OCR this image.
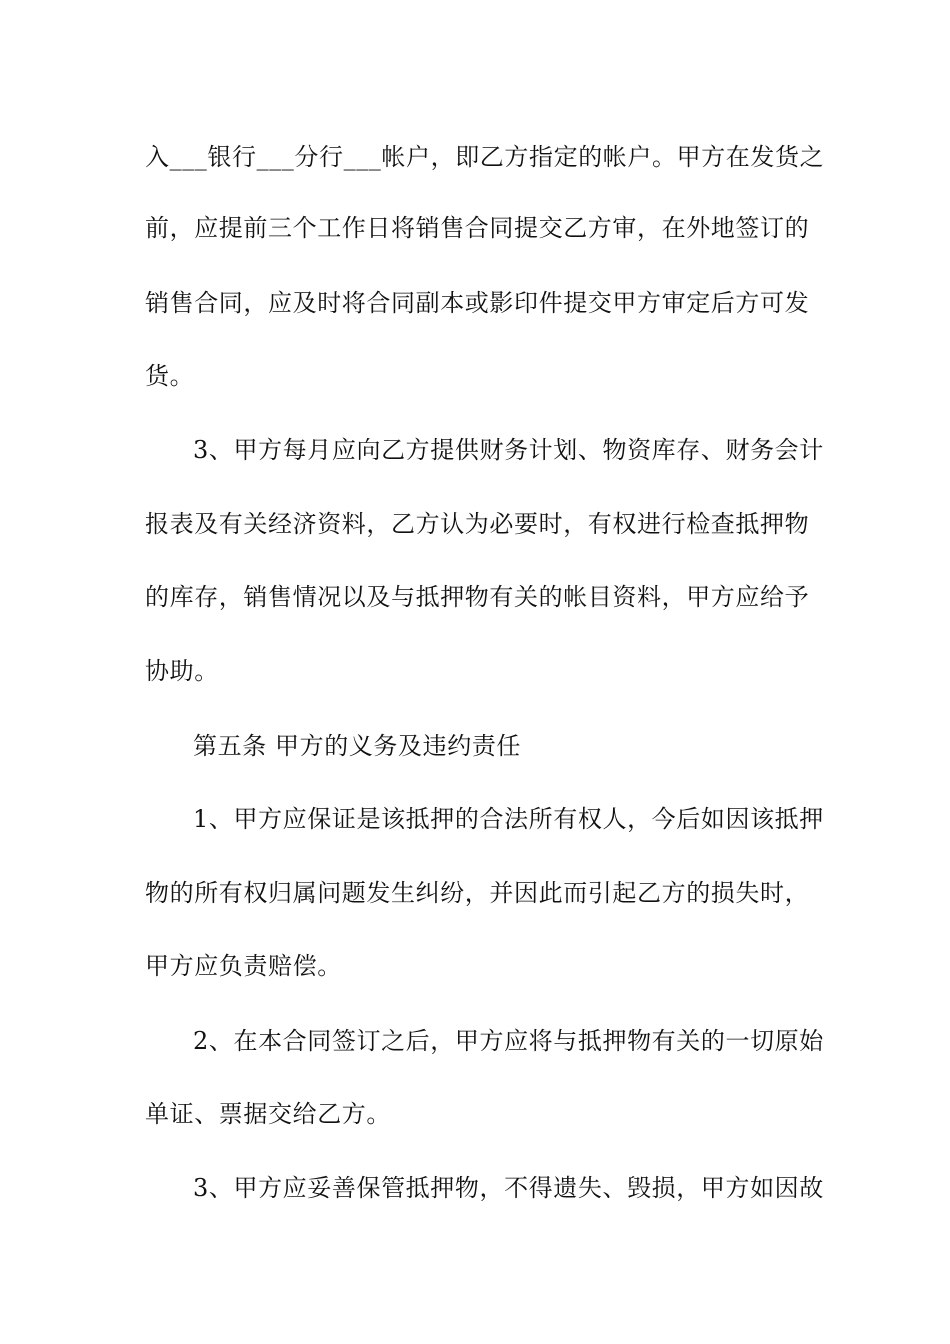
入___银行___分行___帐户，即乙方指定的帐户。甲方在发货之
前，应提前三个工作日将销售合同提交乙方审，在外地签订的
销售合同，应及时将合同副本或影印件提交甲方审定后方可发
货。
3、甲方每月应向乙方提供财务计划、物资库存、财务会计
报表及有关经济资料，乙方认为必要时，有权进行检查抵押物
的库存，销售情况以及与抵押物有关的帐目资料，甲方应给予
协助。
第五条 甲方的义务及违约责任
1、甲方应保证是该抵押的合法所有权人，今后如因该抵押
物的所有权归属问题发生纠纷，并因此而引起乙方的损失时，
甲方应负责赔偿。
2、在本合同签订之后，甲方应将与抵押物有关的一切原始
单证、票据交给乙方。
3、甲方应妥善保管抵押物，不得遗失、毁损，甲方如因故
